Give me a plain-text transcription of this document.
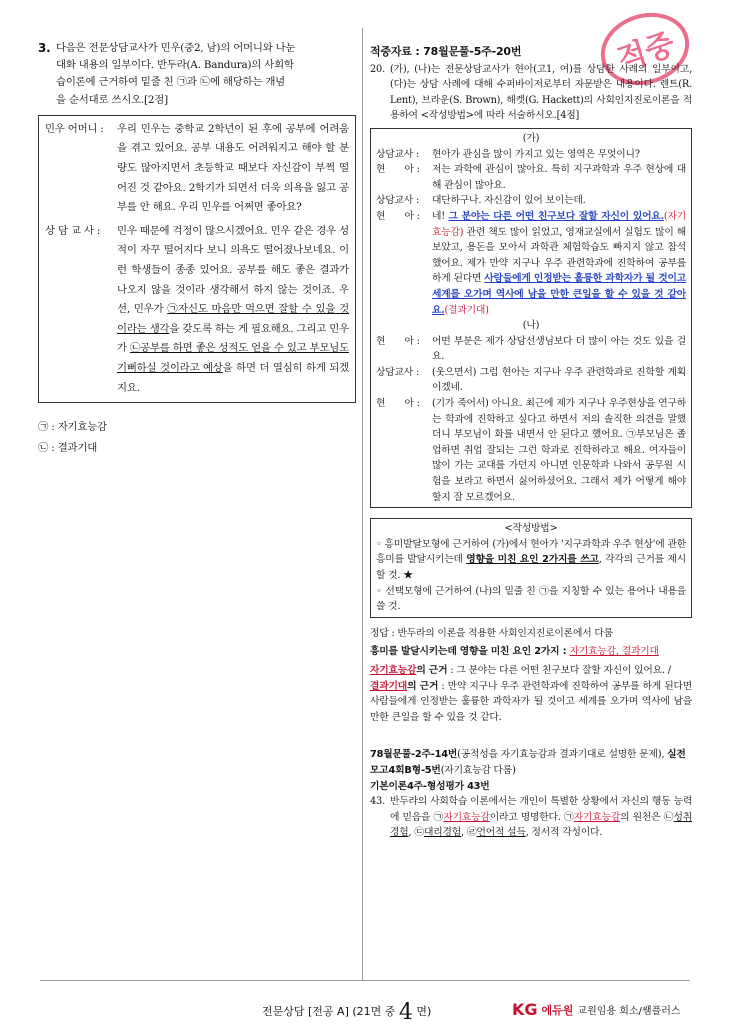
적중
3. 다음은 전문상담교사가 민우(중2, 남)의 어머니와 나눈
대화 내용의 일부이다. 반두라(A. Bandura)의 사회학
습이론에 근거하여 밑줄 친 ㉠과 ㉡에 해당하는 개념
을 순서대로 쓰시오.[2점]
민우 어머니 :	우리 민우는 중학교 2학년이 된 후에 공부에 어려움을 겪고 있어요. 공부 내용도 어려워지고 해야 할 분량도 많아지면서 초등학교 때보다 자신감이 부쩍 떨어진 것 같아요. 2학기가 되면서 더욱 의욕을 잃고 공부를 안 해요. 우리 민우를 어쩌면 좋아요?
상 담 교 사 :	민우 때문에 걱정이 많으시겠어요. 민우 같은 경우 성적이 자꾸 떨어지다 보니 의욕도 떨어졌나보네요. 이런 학생들이 종종 있어요. 공부를 해도 좋은 결과가 나오지 않을 것이라 생각해서 하지 않는 것이죠. 우선, 민우가 ㉠자신도 마음만 먹으면 잘할 수 있을 것이라는 생각을 갖도록 하는 게 필요해요. 그리고 민우가 ㉡공부를 하면 좋은 성적도 얻을 수 있고 부모님도 기뻐하실 것이라고 예상을 하면 더 열심히 하게 되겠지요.
㉠ : 자기효능감
㉡ : 결과기대
적중자료 : 78월문풀-5주-20번
20. (가), (나)는 전문상담교사가 현아(고1, 여)를 상담한 사례의 일부이고, (다)는 상담 사례에 대해 수퍼바이저로부터 자문받은 내용이다. 렌트(R. Lent), 브라운(S. Brown), 해켓(G. Hackett)의 사회인지진로이론을 적용하여 <작성방법>에 따라 서술하시오.[4점]
(가)
상담교사 :	현아가 관심을 많이 가지고 있는 영역은 무엇이니?
현　　아 :	저는 과학에 관심이 많아요. 특히 지구과학과 우주 현상에 대해 관심이 많아요.
상담교사 :	대단하구나. 자신감이 있어 보이는데.
현　　아 :	네! 그 분야는 다른 어떤 친구보다 잘할 자신이 있어요.(자기효능감) 관련 책도 많이 읽었고, 영재교실에서 실험도 많이 해보았고, 용돈을 모아서 과학관 체험학습도 빠지지 않고 참석했어요. 제가 만약 지구나 우주 관련학과에 진학하여 공부를 하게 된다면 사람들에게 인정받는 훌륭한 과학자가 될 것이고 세계를 오가며 역사에 남을 만한 큰일을 할 수 있을 것 같아요.(결과기대)
(나)
현　　아 :	어떤 부분은 제가 상담선생님보다 더 많이 아는 것도 있을 걸요.
상담교사 :	(웃으면서) 그럼 현아는 지구나 우주 관련학과로 진학할 계획이겠네.
현　　아 :	(기가 죽어서) 아니요. 최근에 제가 지구나 우주현상을 연구하는 학과에 진학하고 싶다고 하면서 저의 솔직한 의견을 말했더니 부모님이 화를 내면서 안 된다고 했어요. ㉠부모님은 졸업하면 취업 잘되는 그런 학과로 진학하라고 해요. 여자들이 많이 가는 교대를 가던지 아니면 인문학과 나와서 공무원 시험을 보라고 하면서 싫어하셨어요. 그래서 제가 어떻게 해야 할지 잘 모르겠어요.
<작성방법>
◦ 흥미발달모형에 근거하여 (가)에서 현아가 '지구과학과 우주 현상'에 관한 흥미를 발달시키는데 영향을 미친 요인 2가지를 쓰고, 각각의 근거를 제시할 것. ★
◦ 선택모형에 근거하여 (나)의 밑줄 친 ㉠을 지칭할 수 있는 용어나 내용을 쓸 것.
정답 : 반두라의 이론을 적용한 사회인지진로이론에서 다룸
흥미를 발달시키는데 영향을 미친 요인 2가지 : 자기효능감, 결과기대
자기효능감의 근거 : 그 분야는 다른 어떤 친구보다 잘할 자신이 있어요. /
결과기대의 근거 : 만약 지구나 우주 관련학과에 진학하여 공부를 하게 된다면 사람들에게 인정받는 훌륭한 과학자가 될 것이고 세계를 오가며 역사에 남을 만한 큰일을 할 수 있을 것 같다.
78월문풀-2주-14번(공적성을 자기효능감과 결과기대로 설명한 문제), 실전모고4회B형-5번(자기효능감 다룸)
기본이론4주-형성평가 43번
43. 반두라의 사회학습 이론에서는 개인이 특별한 상황에서 자신의 행동 능력에 믿음을 ㉠자기효능감이라고 명명한다. ㉠자기효능감의 원천은 ㉡성취경험, ㉢대리경험, ㉣언어적 설득, 정서적 각성이다.
전문상담 [전공 A] (21면 중 4 면)	KG 에듀원 교원임용 희소/쌤플러스
